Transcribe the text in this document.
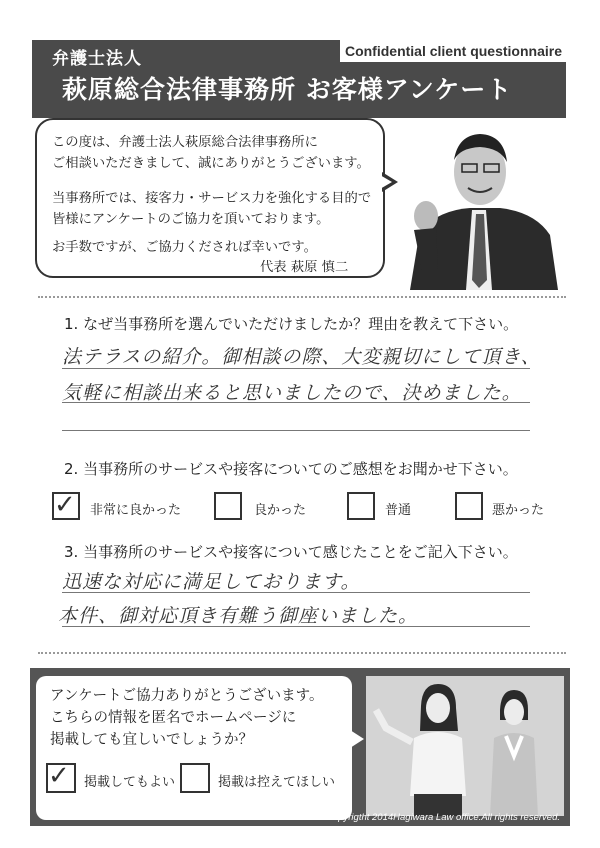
弁護士法人	Confidential client questionnaire
萩原総合法律事務所 お客様アンケート
この度は、弁護士法人萩原総合法律事務所に
ご相談いただきまして、誠にありがとうございます。
当事務所では、接客力・サービス力を強化する目的で
皆様にアンケートのご協力を頂いております。
お手数ですが、ご協力くだされば幸いです。
代表 萩原 慎二
1. なぜ当事務所を選んでいただけましたか？理由を教えて下さい。
法テラスの紹介。御相談の際、大変親切にして頂き、
気軽に相談出来ると思いましたので、決めました。
2. 当事務所のサービスや接客についてのご感想をお聞かせ下さい。
✓ 非常に良かった	良かった	普通	悪かった
3. 当事務所のサービスや接客について感じたことをご記入下さい。
迅速な対応に満足しております。
本件、御対応頂き有難う御座いました。
アンケートご協力ありがとうございます。
こちらの情報を匿名でホームページに
掲載しても宜しいでしょうか？
✓ 掲載してもよい	掲載は控えてほしい
Copyrigtht 2014Hagiwara Law office.All rights reserved.
